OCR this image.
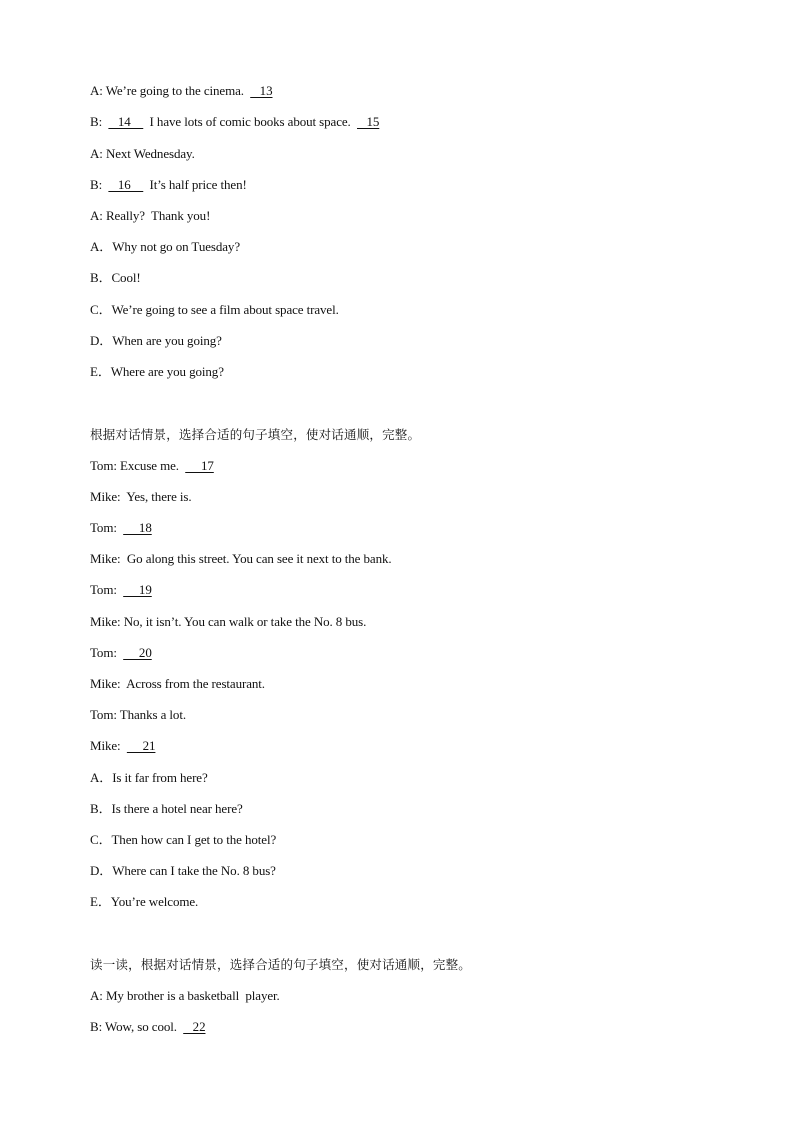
A: We’re going to the cinema.     13
B:     14      I have lots of comic books about space.     15
A: Next Wednesday.
B:     16      It’s half price then!
A: Really?  Thank you!
A．Why not go on Tuesday?
B．Cool!
C．We’re going to see a film about space travel.
D．When are you going?
E．Where are you going?
根据对话情景，选择合适的句子填空，使对话通顺，完整。
Tom: Excuse me.       17
Mike:  Yes, there is.
Tom:       18
Mike:  Go along this street. You can see it next to the bank.
Tom:       19
Mike: No, it isn’t. You can walk or take the No. 8 bus.
Tom:       20
Mike:  Across from the restaurant.
Tom: Thanks a lot.
Mike:       21
A．Is it far from here?
B．Is there a hotel near here?
C．Then how can I get to the hotel?
D．Where can I take the No. 8 bus?
E．You’re welcome.
读一读，根据对话情景，选择合适的句子填空，使对话通顺，完整。
A: My brother is a basketball  player.
B: Wow, so cool.     22
